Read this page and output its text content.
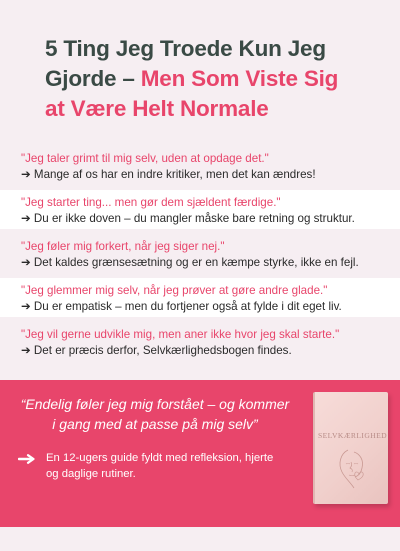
5 Ting Jeg Troede Kun Jeg
Gjorde – Men Som Viste Sig
at Være Helt Normale
"Jeg taler grimt til mig selv, uden at opdage det."
➔ Mange af os har en indre kritiker, men det kan ændres!
"Jeg starter ting... men gør dem sjældent færdige."
➔ Du er ikke doven – du mangler måske bare retning og struktur.
"Jeg føler mig forkert, når jeg siger nej."
➔ Det kaldes grænsesætning og er en kæmpe styrke, ikke en fejl.
"Jeg glemmer mig selv, når jeg prøver at gøre andre glade."
➔ Du er empatisk – men du fortjener også at fylde i dit eget liv.
"Jeg vil gerne udvikle mig, men aner ikke hvor jeg skal starte."
➔ Det er præcis derfor, Selvkærlighedsbogen findes.
“Endelig føler jeg mig forstået – og kommer i gang med at passe på mig selv”
En 12-ugers guide fyldt med refleksion, hjerte og daglige rutiner.
SELVKÆRLIGHED
